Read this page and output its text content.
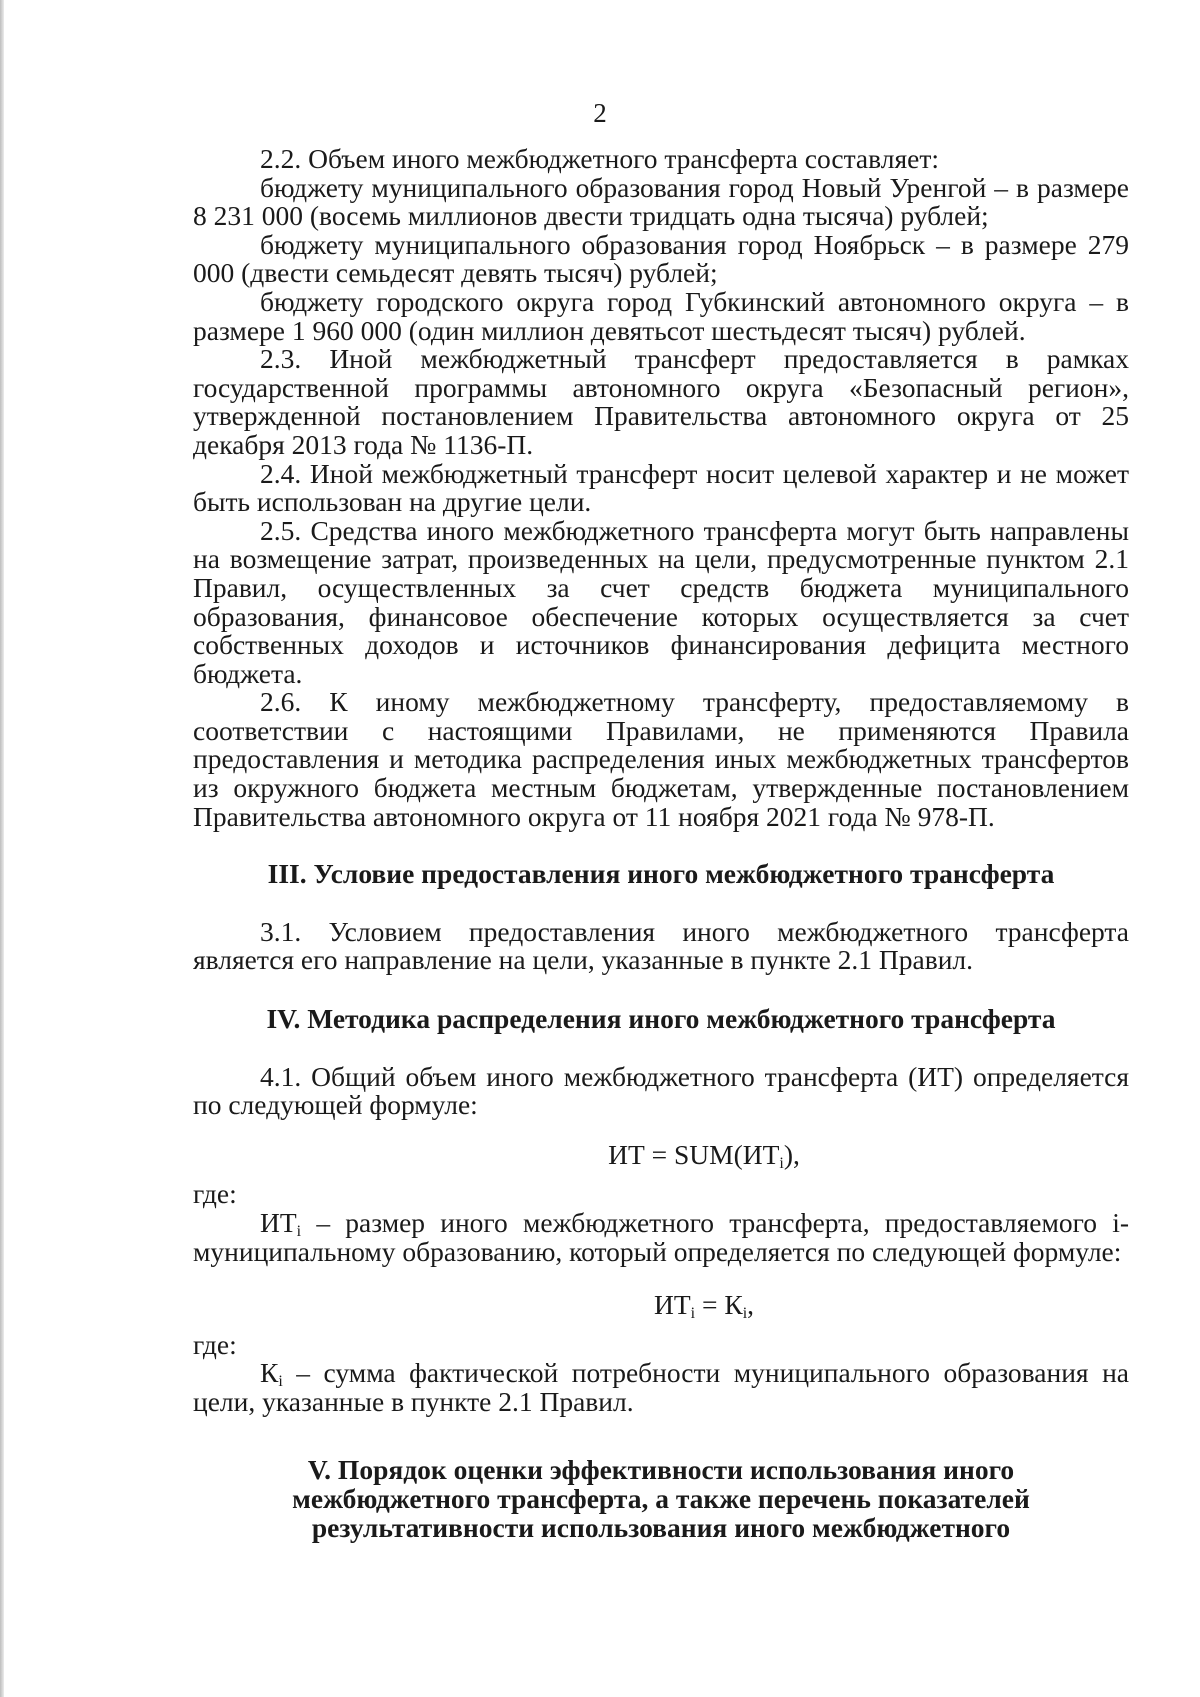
2

2.2. Объем иного межбюджетного трансферта составляет:

бюджету муниципального образования город Новый Уренгой – в размере 8 231 000 (восемь миллионов двести тридцать одна тысяча) рублей;

бюджету муниципального образования город Ноябрьск – в размере 279 000 (двести семьдесят девять тысяч) рублей;

бюджету городского округа город Губкинский автономного округа – в размере 1 960 000 (один миллион девятьсот шестьдесят тысяч) рублей.

2.3. Иной межбюджетный трансферт предоставляется в рамках государственной программы автономного округа «Безопасный регион», утвержденной постановлением Правительства автономного округа от 25 декабря 2013 года № 1136-П.

2.4. Иной межбюджетный трансферт носит целевой характер и не может быть использован на другие цели.

2.5. Средства иного межбюджетного трансферта могут быть направлены на возмещение затрат, произведенных на цели, предусмотренные пунктом 2.1 Правил, осуществленных за счет средств бюджета муниципального образования, финансовое обеспечение которых осуществляется за счет собственных доходов и источников финансирования дефицита местного бюджета.

2.6. К иному межбюджетному трансферту, предоставляемому в соответствии с настоящими Правилами, не применяются Правила предоставления и методика распределения иных межбюджетных трансфертов из окружного бюджета местным бюджетам, утвержденные постановлением Правительства автономного округа от 11 ноября 2021 года № 978-П.

III. Условие предоставления иного межбюджетного трансферта

3.1. Условием предоставления иного межбюджетного трансферта является его направление на цели, указанные в пункте 2.1 Правил.

IV. Методика распределения иного межбюджетного трансферта

4.1. Общий объем иного межбюджетного трансферта (ИТ) определяется по следующей формуле:

ИТ = $SUM(ИТ_i)$,

где:

$ИТ_i$ – размер иного межбюджетного трансферта, предоставляемого i-муниципальному образованию, который определяется по следующей формуле:

$ИТ_i = К_i$,

где:

$К_i$ – сумма фактической потребности муниципального образования на цели, указанные в пункте 2.1 Правил.

V. Порядок оценки эффективности использования иного
межбюджетного трансферта, а также перечень показателей
результативности использования иного межбюджетного
